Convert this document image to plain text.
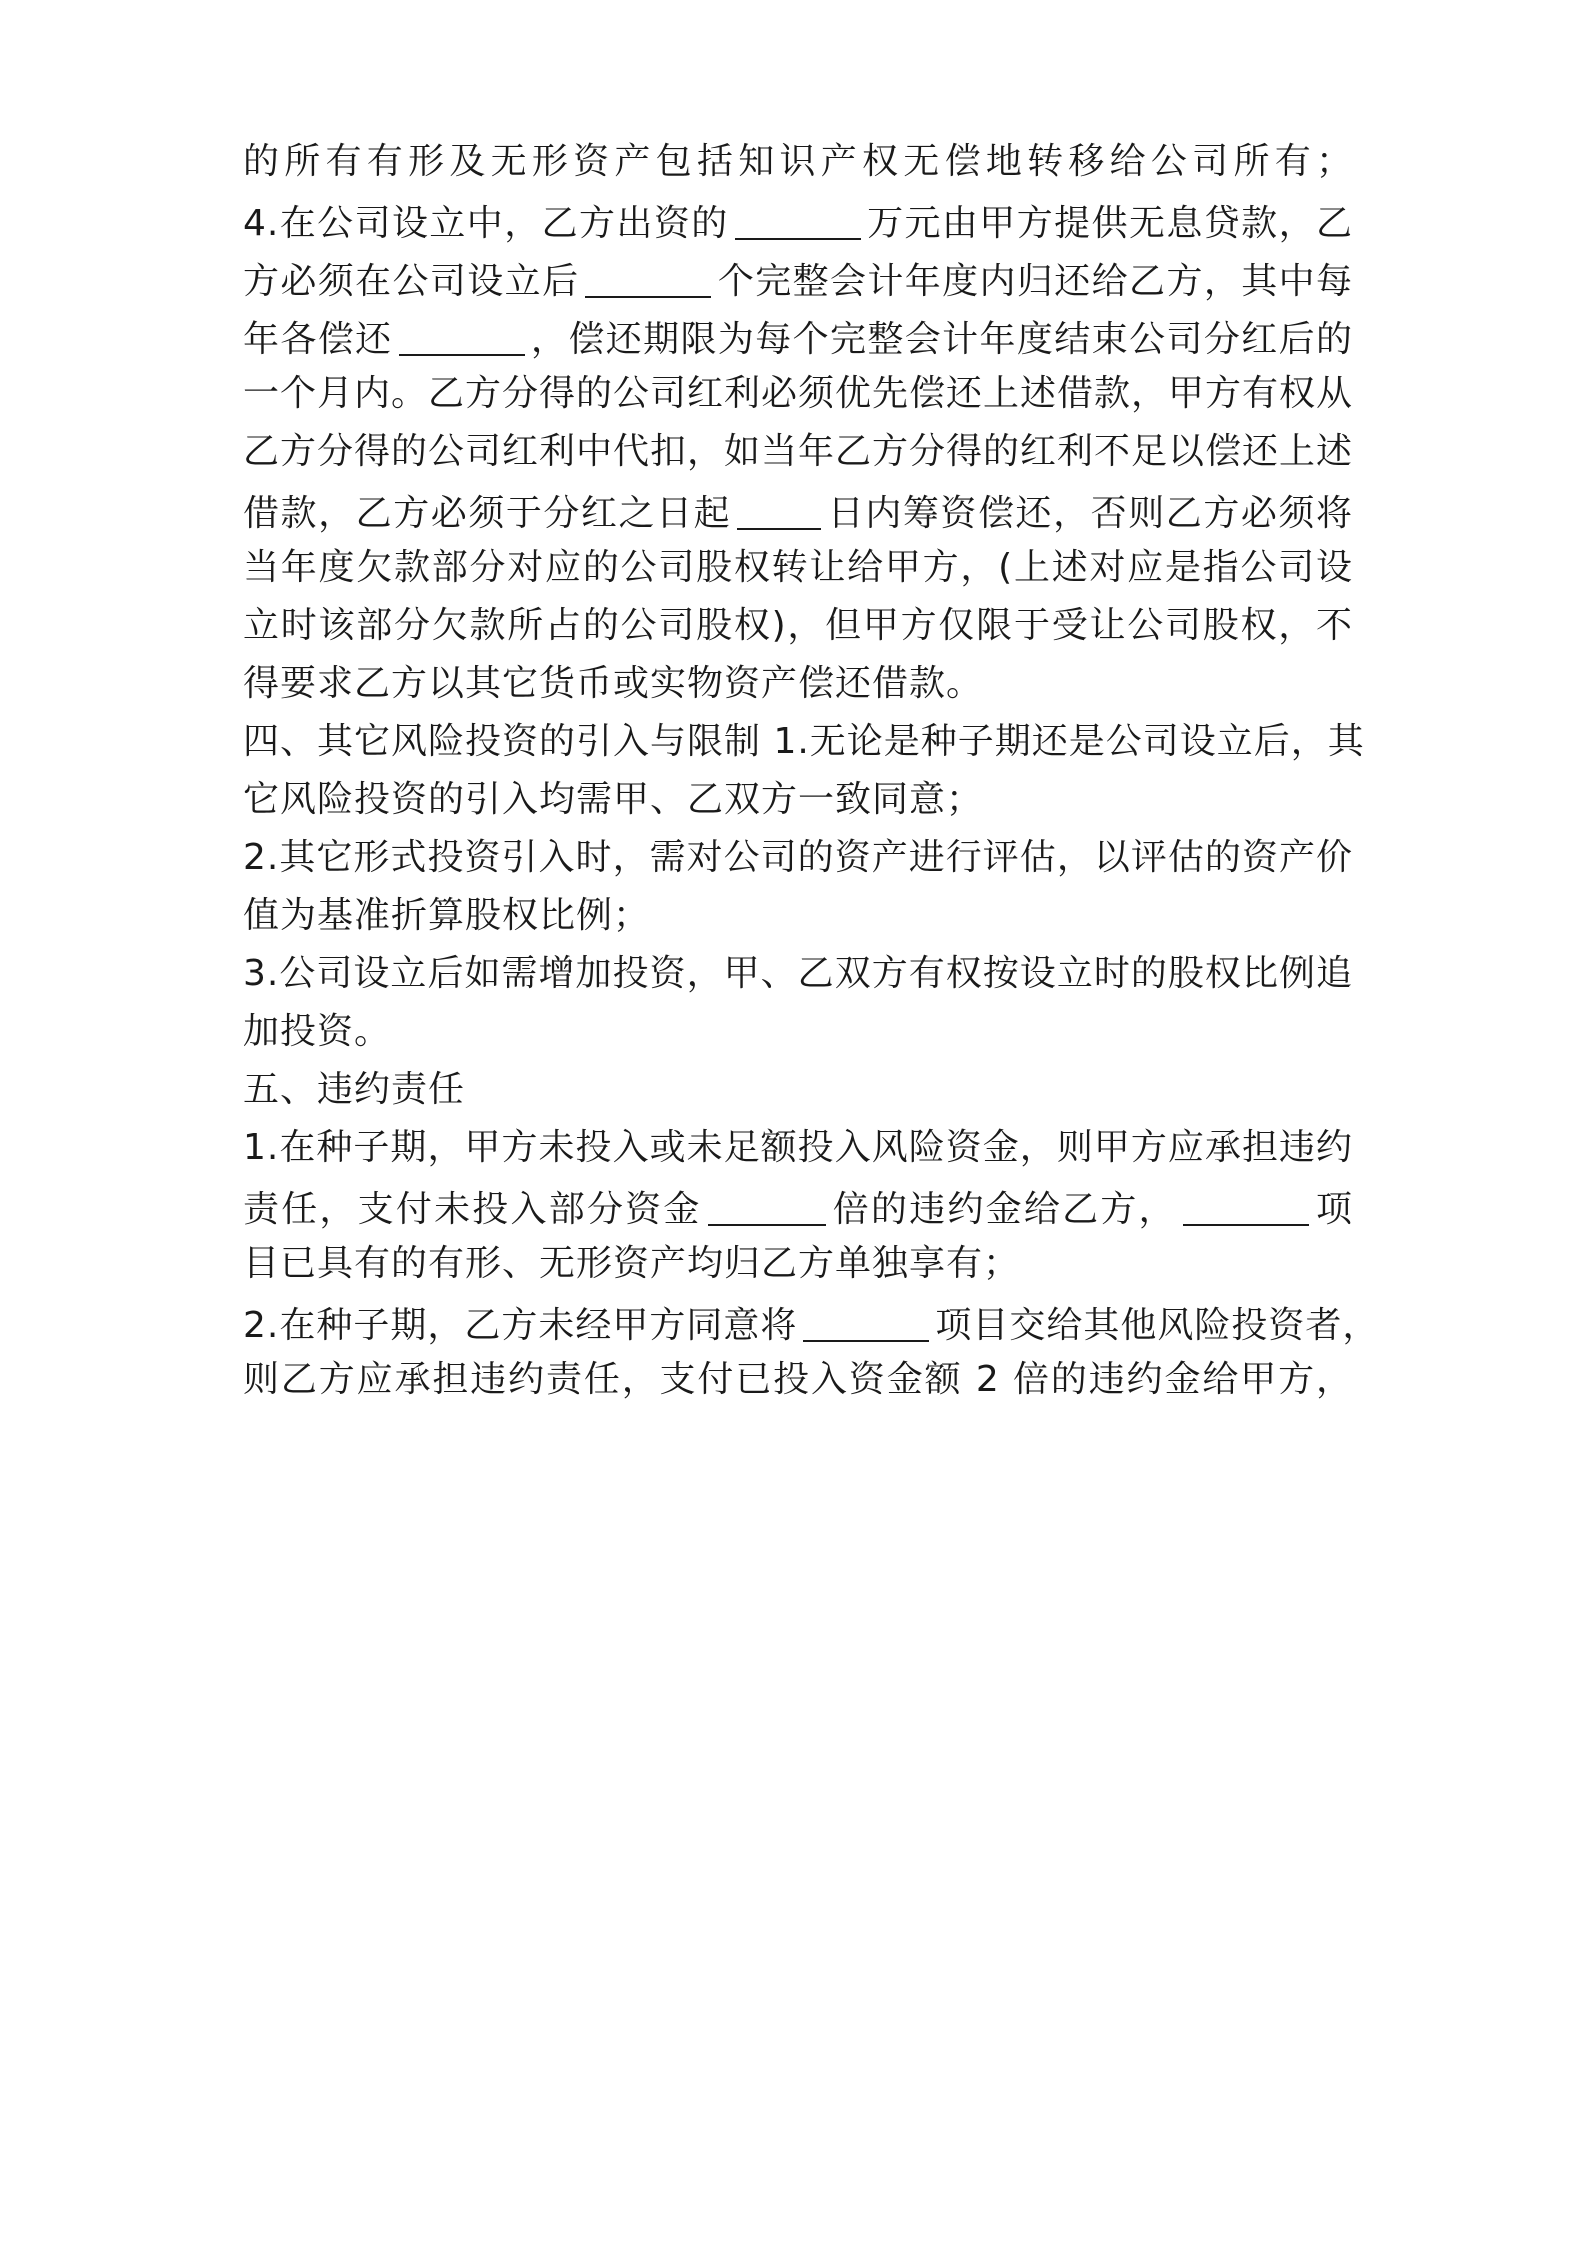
的所有有形及无形资产包括知识产权无偿地转移给公司所有；
4.在公司设立中，乙方出资的	万元由甲方提供无息贷款，乙
方必须在公司设立后	个完整会计年度内归还给乙方，其中每
年各偿还	，偿还期限为每个完整会计年度结束公司分红后的
一个月内。乙方分得的公司红利必须优先偿还上述借款，甲方有权从
乙方分得的公司红利中代扣，如当年乙方分得的红利不足以偿还上述
借款，乙方必须于分红之日起	日内筹资偿还，否则乙方必须将
当年度欠款部分对应的公司股权转让给甲方，(上述对应是指公司设
立时该部分欠款所占的公司股权)，但甲方仅限于受让公司股权，不
得要求乙方以其它货币或实物资产偿还借款。
四、其它风险投资的引入与限制 1.无论是种子期还是公司设立后，其
它风险投资的引入均需甲、乙双方一致同意；
2.其它形式投资引入时，需对公司的资产进行评估，以评估的资产价
值为基准折算股权比例；
3.公司设立后如需增加投资，甲、乙双方有权按设立时的股权比例追
加投资。
五、违约责任
1.在种子期，甲方未投入或未足额投入风险资金，则甲方应承担违约
责任，支付未投入部分资金	倍的违约金给乙方，	项
目已具有的有形、无形资产均归乙方单独享有；
2.在种子期，乙方未经甲方同意将	项目交给其他风险投资者，
则乙方应承担违约责任，支付已投入资金额 2 倍的违约金给甲方，
